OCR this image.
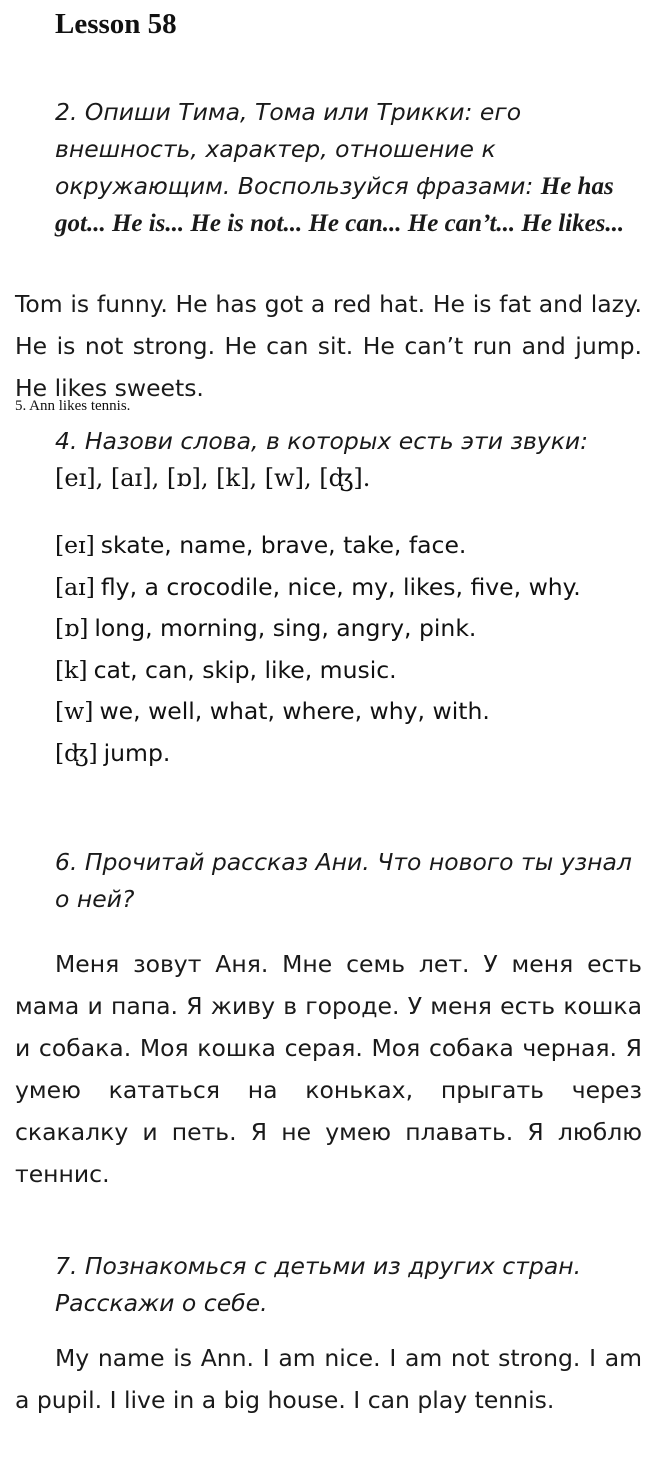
Lesson 58
2. Опиши Тима, Тома или Трикки: его внешность, характер, отношение к окружающим. Воспользуйся фразами: He has got... He is... He is not... He can... He can’t... He likes...
Tom is funny. He has got a red hat. He is fat and lazy. He is not strong. He can sit. He can’t run and jump. He likes sweets.
5. Ann likes tennis.
4. Назови слова, в которых есть эти звуки:
[eɪ], [aɪ], [ɒ], [k], [w], [ʤ].
[eɪ] skate, name, brave, take, face.
[aɪ] fly, a crocodile, nice, my, likes, five, why.
[ɒ] long, morning, sing, angry, pink.
[k] cat, can, skip, like, music.
[w] we, well, what, where, why, with.
[ʤ] jump.
6. Прочитай рассказ Ани. Что нового ты узнал о ней?
Меня зовут Аня. Мне семь лет. У меня есть мама и папа. Я живу в городе. У меня есть кошка и собака. Моя кошка серая. Моя собака черная. Я умею кататься на коньках, прыгать через скакалку и петь. Я не умею плавать. Я люблю теннис.
7. Познакомься с детьми из других стран. Расскажи о себе.
My name is Ann. I am nice. I am not strong. I am a pupil. I live in a big house. I can play tennis.
